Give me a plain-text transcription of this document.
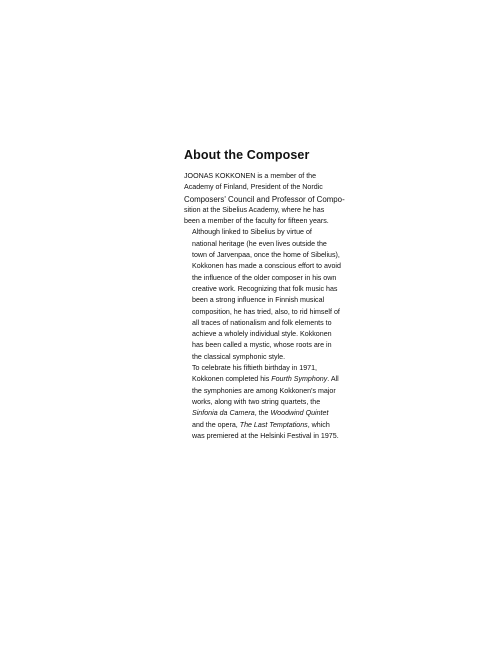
About the Composer

JOONAS KOKKONEN is a member of the
Academy of Finland, President of the Nordic
Composers' Council and Professor of Compo-
sition at the Sibelius Academy, where he has
been a member of the faculty for fifteen years.

Although linked to Sibelius by virtue of
national heritage (he even lives outside the
town of Jarvenpaa, once the home of Sibelius),
Kokkonen has made a conscious effort to avoid
the influence of the older composer in his own
creative work. Recognizing that folk music has
been a strong influence in Finnish musical
composition, he has tried, also, to rid himself of
all traces of nationalism and folk elements to
achieve a wholely individual style. Kokkonen
has been called a mystic, whose roots are in
the classical symphonic style.

To celebrate his fiftieth birthday in 1971,
Kokkonen completed his Fourth Symphony. All
the symphonies are among Kokkonen's major
works, along with two string quartets, the
Sinfonia da Camera, the Woodwind Quintet
and the opera, The Last Temptations, which
was premiered at the Helsinki Festival in 1975.
